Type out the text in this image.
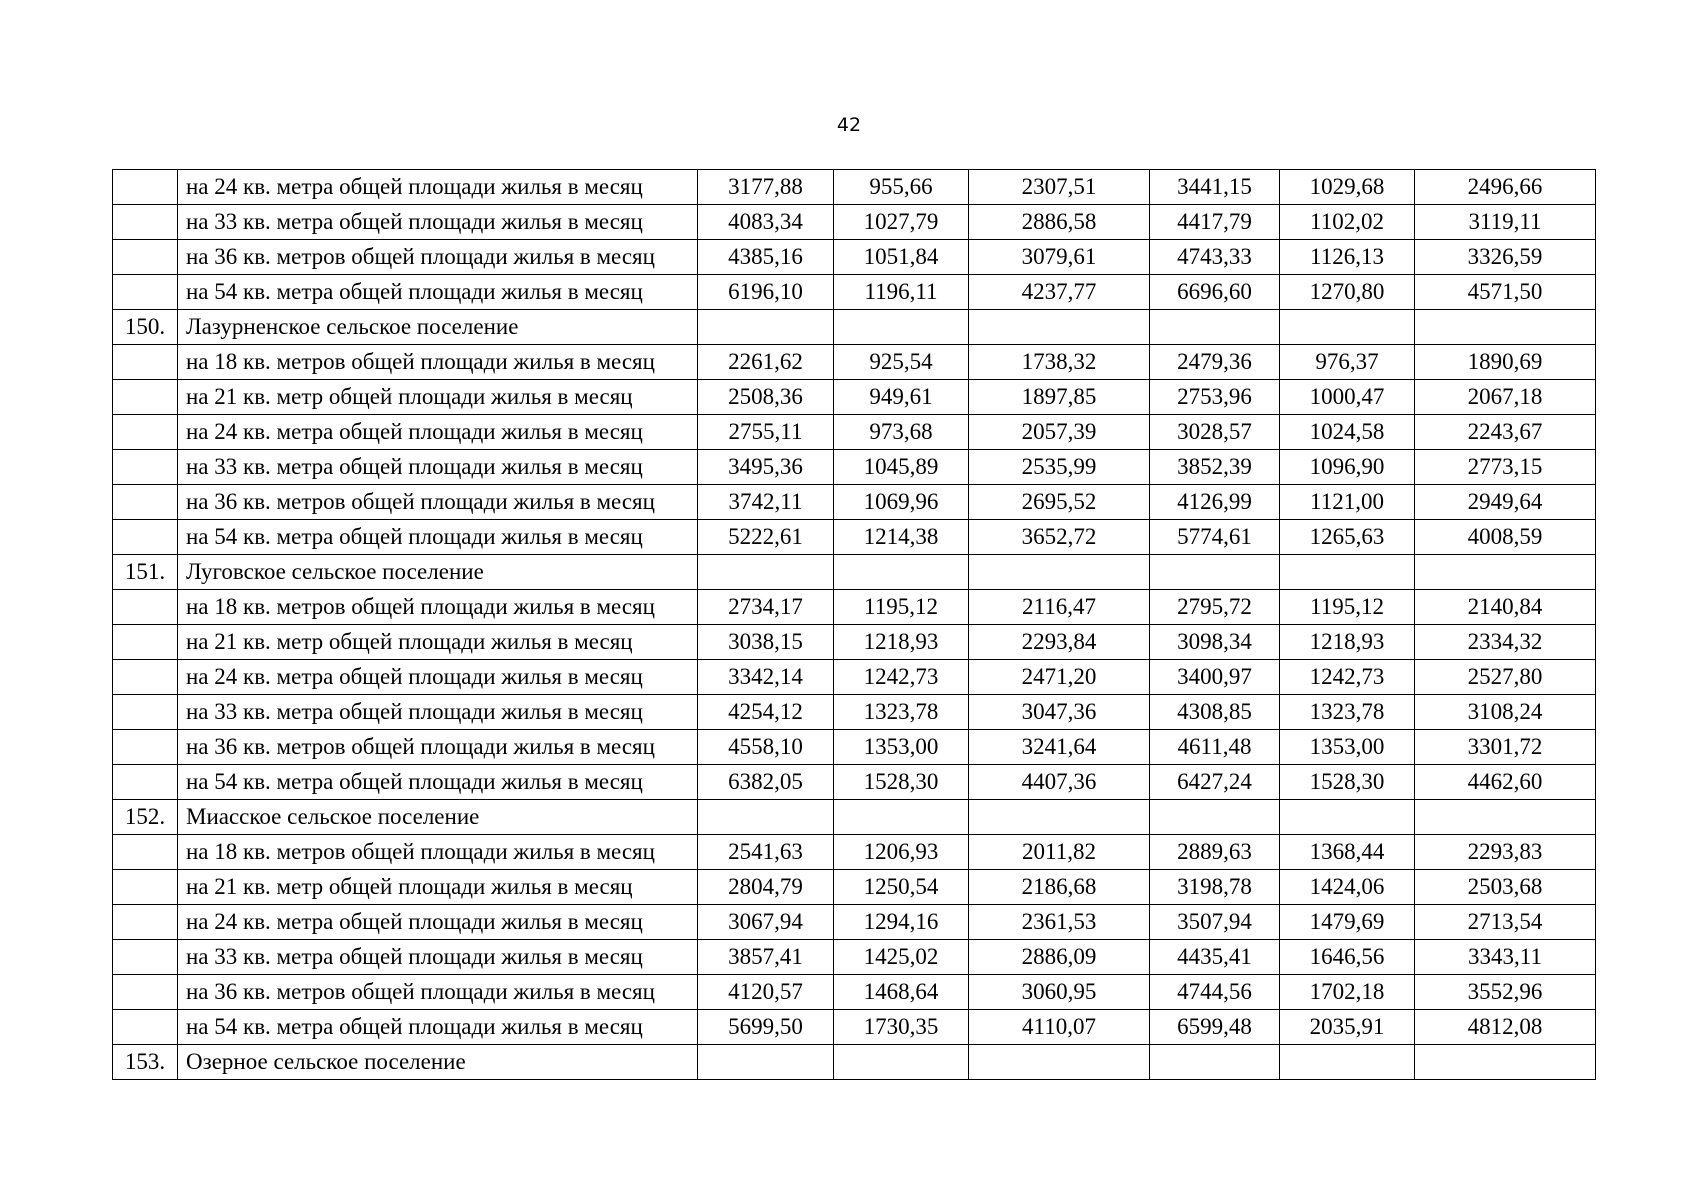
42
	на 24 кв. метра общей площади жилья в месяц	3177,88	955,66	2307,51	3441,15	1029,68	2496,66
	на 33 кв. метра общей площади жилья в месяц	4083,34	1027,79	2886,58	4417,79	1102,02	3119,11
	на 36 кв. метров общей площади жилья в месяц	4385,16	1051,84	3079,61	4743,33	1126,13	3326,59
	на 54 кв. метра общей площади жилья в месяц	6196,10	1196,11	4237,77	6696,60	1270,80	4571,50
150.	Лазурненское сельское поселение						
	на 18 кв. метров общей площади жилья в месяц	2261,62	925,54	1738,32	2479,36	976,37	1890,69
	на 21 кв. метр общей площади жилья в месяц	2508,36	949,61	1897,85	2753,96	1000,47	2067,18
	на 24 кв. метра общей площади жилья в месяц	2755,11	973,68	2057,39	3028,57	1024,58	2243,67
	на 33 кв. метра общей площади жилья в месяц	3495,36	1045,89	2535,99	3852,39	1096,90	2773,15
	на 36 кв. метров общей площади жилья в месяц	3742,11	1069,96	2695,52	4126,99	1121,00	2949,64
	на 54 кв. метра общей площади жилья в месяц	5222,61	1214,38	3652,72	5774,61	1265,63	4008,59
151.	Луговское сельское поселение						
	на 18 кв. метров общей площади жилья в месяц	2734,17	1195,12	2116,47	2795,72	1195,12	2140,84
	на 21 кв. метр общей площади жилья в месяц	3038,15	1218,93	2293,84	3098,34	1218,93	2334,32
	на 24 кв. метра общей площади жилья в месяц	3342,14	1242,73	2471,20	3400,97	1242,73	2527,80
	на 33 кв. метра общей площади жилья в месяц	4254,12	1323,78	3047,36	4308,85	1323,78	3108,24
	на 36 кв. метров общей площади жилья в месяц	4558,10	1353,00	3241,64	4611,48	1353,00	3301,72
	на 54 кв. метра общей площади жилья в месяц	6382,05	1528,30	4407,36	6427,24	1528,30	4462,60
152.	Миасское сельское поселение						
	на 18 кв. метров общей площади жилья в месяц	2541,63	1206,93	2011,82	2889,63	1368,44	2293,83
	на 21 кв. метр общей площади жилья в месяц	2804,79	1250,54	2186,68	3198,78	1424,06	2503,68
	на 24 кв. метра общей площади жилья в месяц	3067,94	1294,16	2361,53	3507,94	1479,69	2713,54
	на 33 кв. метра общей площади жилья в месяц	3857,41	1425,02	2886,09	4435,41	1646,56	3343,11
	на 36 кв. метров общей площади жилья в месяц	4120,57	1468,64	3060,95	4744,56	1702,18	3552,96
	на 54 кв. метра общей площади жилья в месяц	5699,50	1730,35	4110,07	6599,48	2035,91	4812,08
153.	Озерное сельское поселение						
